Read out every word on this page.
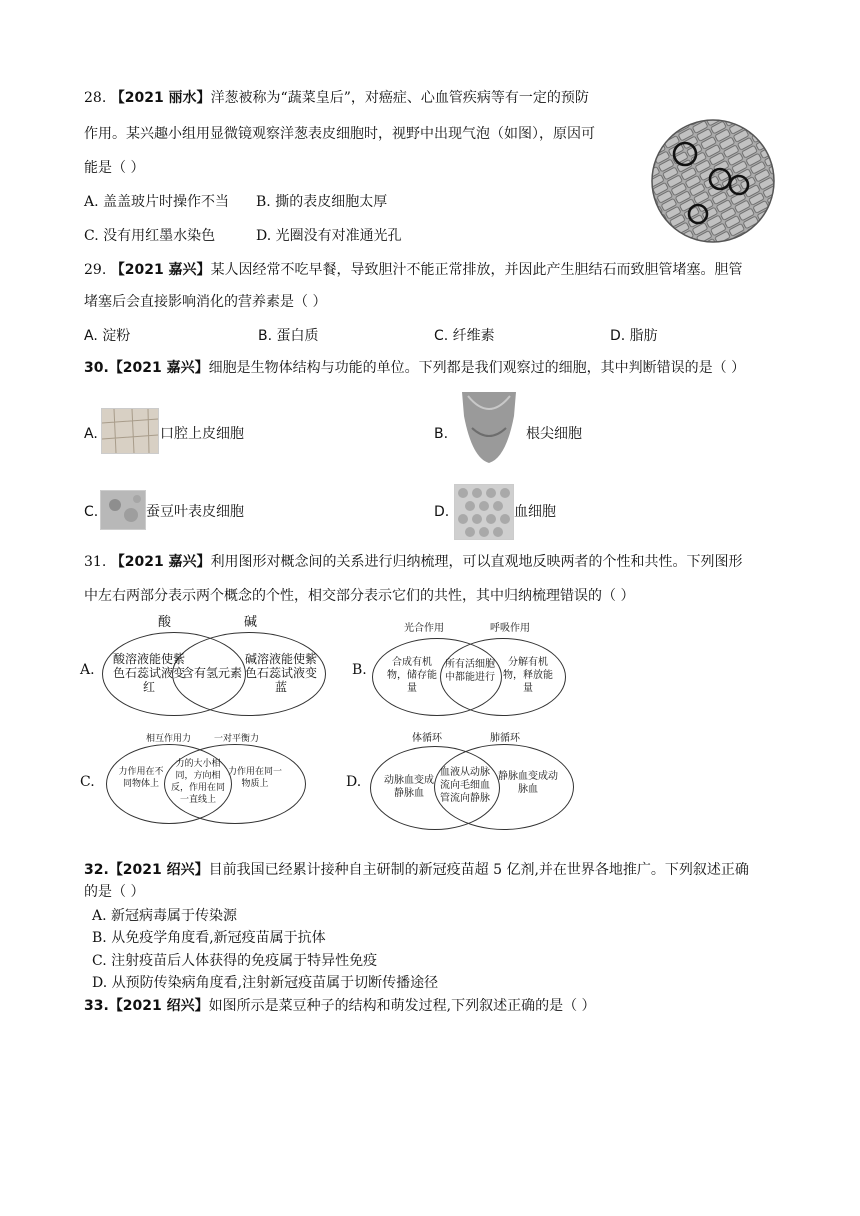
28. 【2021 丽水】洋葱被称为“蔬菜皇后”，对癌症、心血管疾病等有一定的预防
作用。某兴趣小组用显微镜观察洋葱表皮细胞时，视野中出现气泡（如图），原因可
能是（ ）
A. 盖盖玻片时操作不当 B. 撕的表皮细胞太厚
C. 没有用红墨水染色	D. 光圈没有对准通光孔
29. 【2021 嘉兴】某人因经常不吃早餐，导致胆汁不能正常排放，并因此产生胆结石而致胆管堵塞。胆管
堵塞后会直接影响消化的营养素是（ ）
A. 淀粉	B. 蛋白质	C. 纤维素	D. 脂肪
30.【2021 嘉兴】细胞是生物体结构与功能的单位。下列都是我们观察过的细胞，其中判断错误的是（ ）
A.	口腔上皮细胞	B.	根尖细胞
C.	蚕豆叶表皮细胞	D.	血细胞
31. 【2021 嘉兴】利用图形对概念间的关系进行归纳梳理，可以直观地反映两者的个性和共性。下列图形
中左右两部分表示两个概念的个性，相交部分表示它们的共性，其中归纳梳理错误的（ ）
A.
酸	碱
酸溶液能使紫色石蕊试液变红
含有氢元素
碱溶液能使紫色石蕊试液变蓝
B.
光合作用	呼吸作用
合成有机物，储存能量
所有活细胞中都能进行
分解有机物，释放能量
C.
相互作用力	一对平衡力
力作用在不同物体上
力的大小相同，方向相反，作用在同一直线上
力作用在同一物质上	D.
体循环	肺循环
动脉血变成静脉血
血液从动脉流向毛细血管流向静脉
静脉血变成动脉血
32.【2021 绍兴】目前我国已经累计接种自主研制的新冠疫苗超 5 亿剂,并在世界各地推广。下列叙述正确
的是（ ）
A. 新冠病毒属于传染源
B. 从免疫学角度看,新冠疫苗属于抗体
C. 注射疫苗后人体获得的免疫属于特异性免疫
D. 从预防传染病角度看,注射新冠疫苗属于切断传播途径
33.【2021 绍兴】如图所示是菜豆种子的结构和萌发过程,下列叙述正确的是（ ）
